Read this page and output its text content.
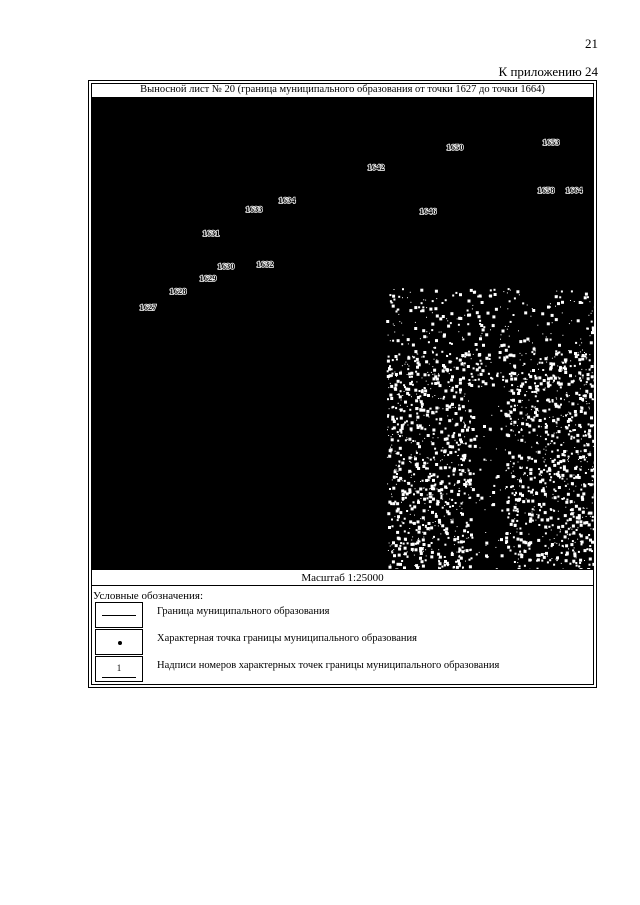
21
К приложению 24
Выносной лист № 20 (граница муниципального образования от точки 1627 до точки 1664)
1627
1628
1629
1630
1631
1632
1633
1634
1642
1646
1650	1653
1658 1664
Масштаб 1:25000
Условные обозначения:
Граница муниципального образования
Характерная точка границы муниципального образования
1	Надписи номеров характерных точек границы муниципального образования
